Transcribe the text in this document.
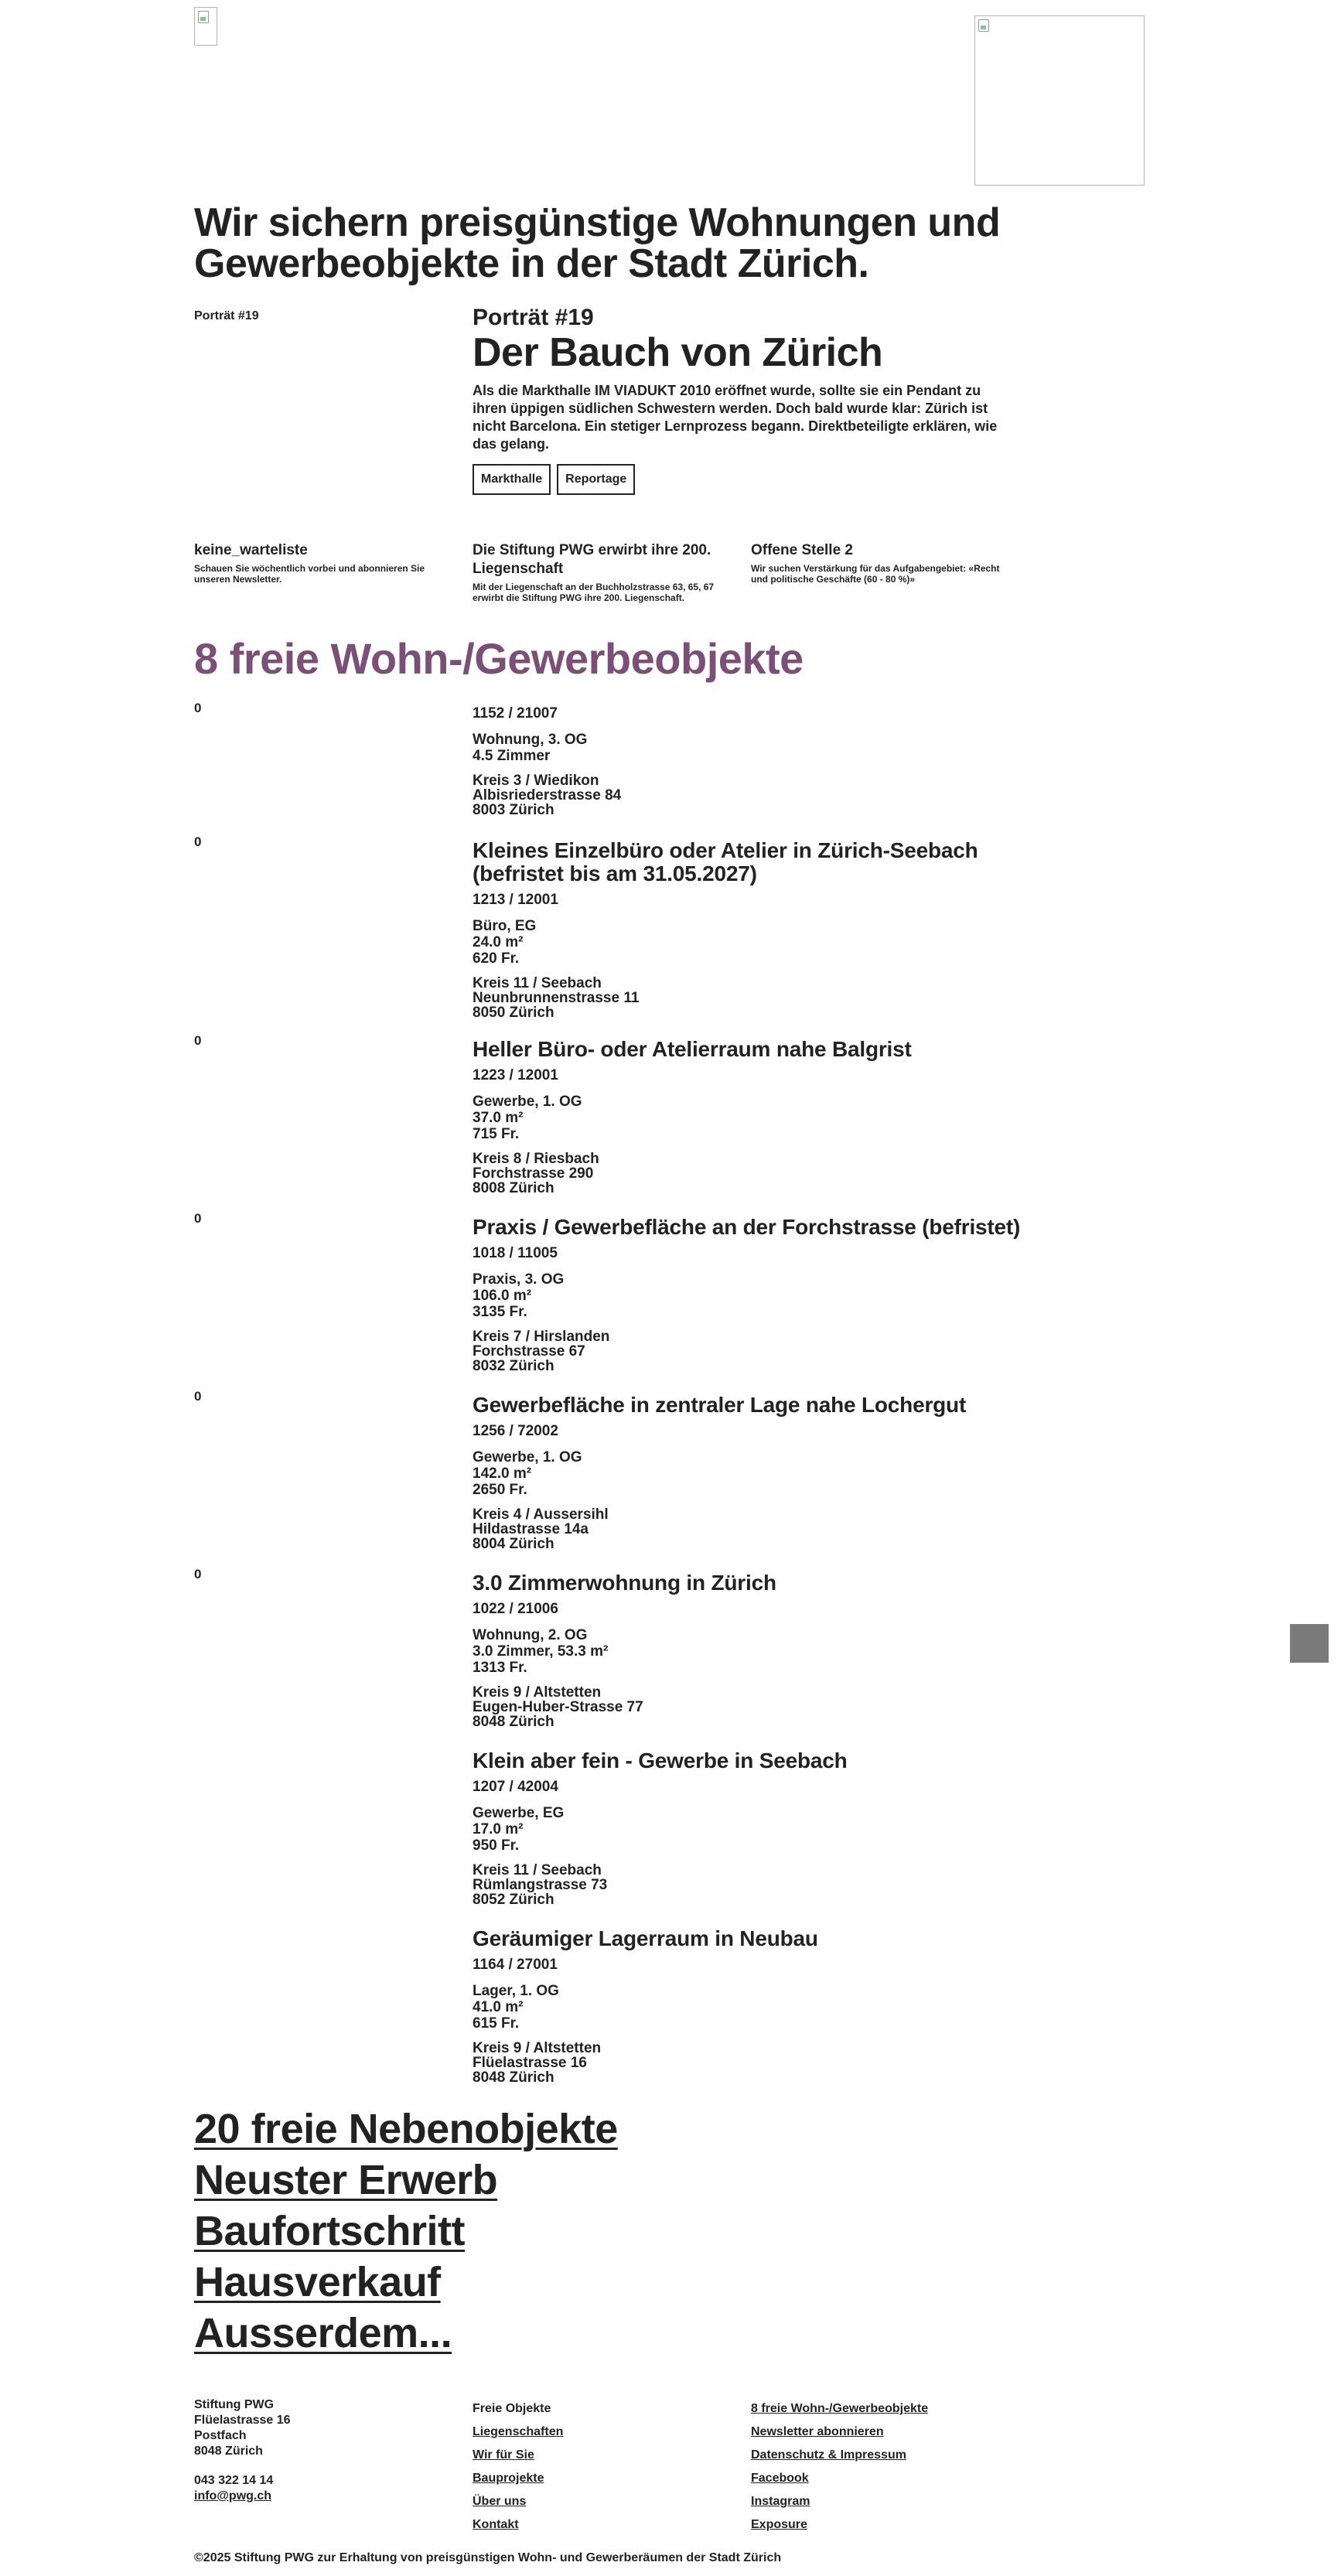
Wir sichern preisgünstige Wohnungen und Gewerbeobjekte in der Stadt Zürich.
Porträt #19	Porträt #19
Der Bauch von Zürich

Als die Markthalle IM VIADUKT 2010 eröffnet wurde, sollte sie ein Pendant zu ihren üppigen südlichen Schwestern werden. Doch bald wurde klar: Zürich ist nicht Barcelona. Ein stetiger Lernprozess begann. Direktbeteiligte erklären, wie das gelang.

Markthalle Reportage
keine_warteliste
Schauen Sie wöchentlich vorbei und abonnieren Sie unseren Newsletter.
Die Stiftung PWG erwirbt ihre 200. Liegenschaft
Mit der Liegenschaft an der Buchholzstrasse 63, 65, 67 erwirbt die Stiftung PWG ihre 200. Liegenschaft.
Offene Stelle 2
Wir suchen Verstärkung für das Aufgabengebiet: «Recht und politische Geschäfte (60 - 80 %)»
8 freie Wohn-/Gewerbeobjekte
0	1152 / 21007
Wohnung, 3. OG
4.5 Zimmer
Kreis 3 / Wiedikon
Albisriederstrasse 84
8003 Zürich
0	Kleines Einzelbüro oder Atelier in Zürich-Seebach (befristet bis am 31.05.2027)
1213 / 12001
Büro, EG
24.0 m²
620 Fr.
Kreis 11 / Seebach
Neunbrunnenstrasse 11
8050 Zürich
0	Heller Büro- oder Atelierraum nahe Balgrist
1223 / 12001
Gewerbe, 1. OG
37.0 m²
715 Fr.
Kreis 8 / Riesbach
Forchstrasse 290
8008 Zürich
0	Praxis / Gewerbefläche an der Forchstrasse (befristet)
1018 / 11005
Praxis, 3. OG
106.0 m²
3135 Fr.
Kreis 7 / Hirslanden
Forchstrasse 67
8032 Zürich
0	Gewerbefläche in zentraler Lage nahe Lochergut
1256 / 72002
Gewerbe, 1. OG
142.0 m²
2650 Fr.
Kreis 4 / Aussersihl
Hildastrasse 14a
8004 Zürich
0	3.0 Zimmerwohnung in Zürich
1022 / 21006
Wohnung, 2. OG
3.0 Zimmer, 53.3 m²
1313 Fr.
Kreis 9 / Altstetten
Eugen-Huber-Strasse 77
8048 Zürich
Klein aber fein - Gewerbe in Seebach
1207 / 42004
Gewerbe, EG
17.0 m²
950 Fr.
Kreis 11 / Seebach
Rümlangstrasse 73
8052 Zürich
Geräumiger Lagerraum in Neubau
1164 / 27001
Lager, 1. OG
41.0 m²
615 Fr.
Kreis 9 / Altstetten
Flüelastrasse 16
8048 Zürich
20 freie Nebenobjekte
Neuster Erwerb
Baufortschritt
Hausverkauf
Ausserdem...
Stiftung PWG
Flüelastrasse 16
Postfach
8048 Zürich
043 322 14 14
info@pwg.ch
Freie Objekte
Liegenschaften
Wir für Sie
Bauprojekte
Über uns
Kontakt
8 freie Wohn-/Gewerbeobjekte
Newsletter abonnieren
Datenschutz & Impressum
Facebook
Instagram
Exposure
©2025 Stiftung PWG zur Erhaltung von preisgünstigen Wohn- und Gewerberäumen der Stadt Zürich
